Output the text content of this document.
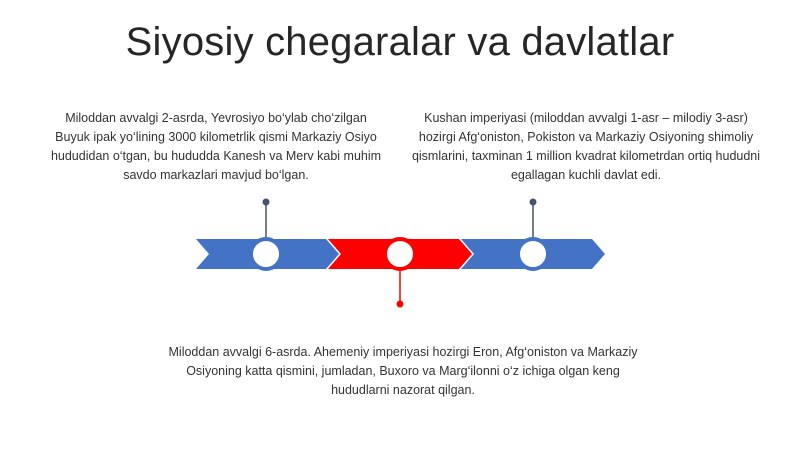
Siyosiy chegaralar va davlatlar
Miloddan avvalgi 2-asrda, Yevrosiyo bo‘ylab cho‘zilgan Buyuk ipak yo‘lining 3000 kilometrlik qismi Markaziy Osiyo hududidan o‘tgan, bu hududda Kanesh va Merv kabi muhim savdo markazlari mavjud bo‘lgan.
Kushan imperiyasi (miloddan avvalgi 1-asr – milodiy 3-asr) hozirgi Afg‘oniston, Pokiston va Markaziy Osiyoning shimoliy qismlarini, taxminan 1 million kvadrat kilometrdan ortiq hududni egallagan kuchli davlat edi.
Miloddan avvalgi 6-asrda. Ahemeniy imperiyasi hozirgi Eron, Afg‘oniston va Markaziy Osiyoning katta qismini, jumladan, Buxoro va Marg‘ilonni o‘z ichiga olgan keng hududlarni nazorat qilgan.
